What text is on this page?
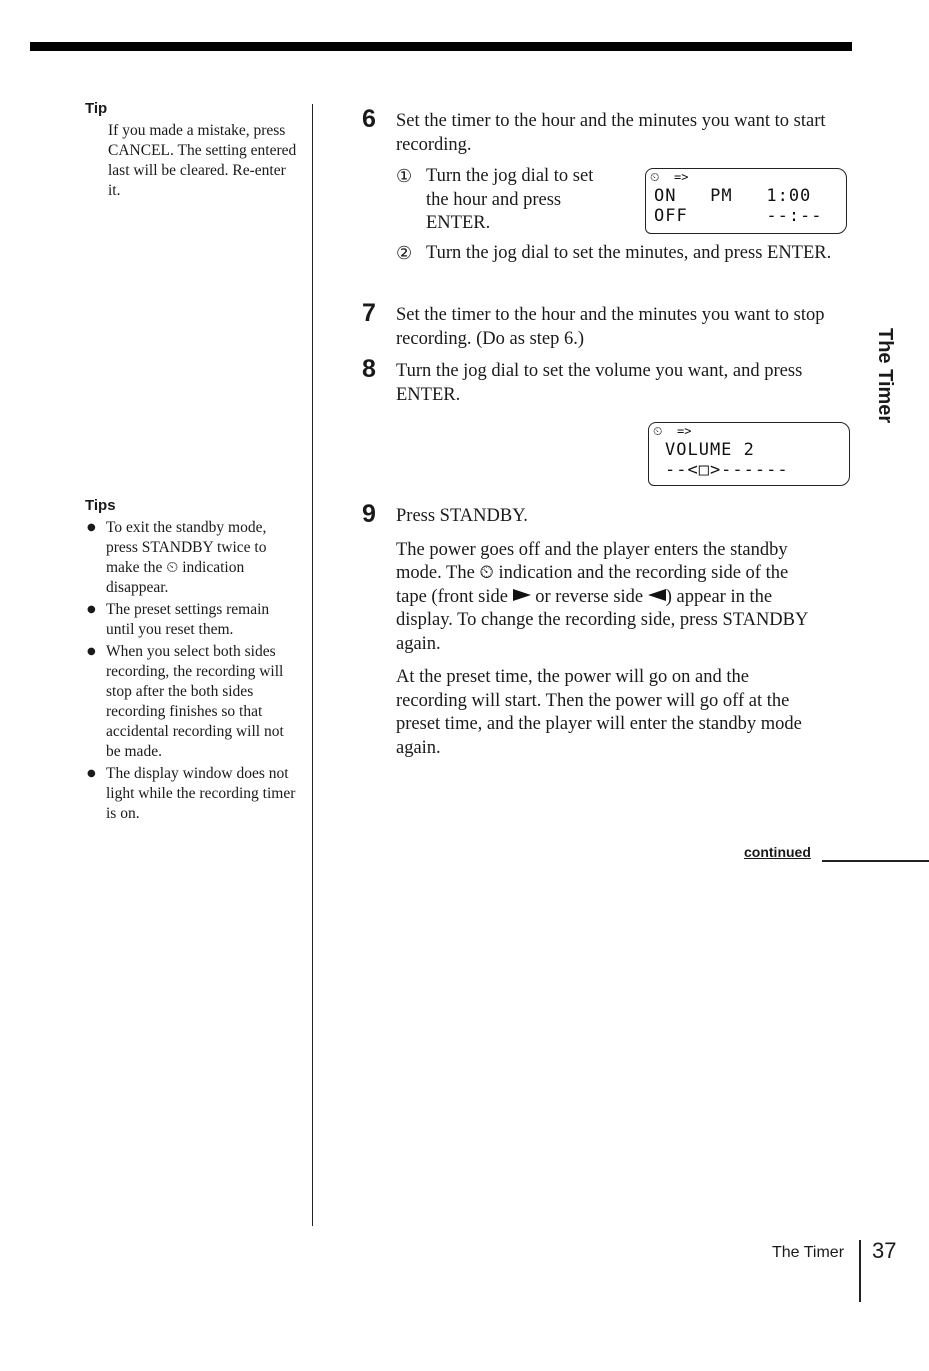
Tip

If you made a mistake, press CANCEL. The setting entered last will be cleared. Re-enter it.

Tips
● To exit the standby mode, press STANDBY twice to make the ⏲ indication disappear.
● The preset settings remain until you reset them.
● When you select both sides recording, the recording will stop after the both sides recording finishes so that accidental recording will not be made.
● The display window does not light while the recording timer is on.
6 Set the timer to the hour and the minutes you want to start recording.
① Turn the jog dial to set the hour and press ENTER.
② Turn the jog dial to set the minutes, and press ENTER.
⏲ =>
ON   PM   1:00
OFF       --:--
7 Set the timer to the hour and the minutes you want to stop recording. (Do as step 6.)
8 Turn the jog dial to set the volume you want, and press ENTER.
⏲ =>
VOLUME 2
--<□>------
9 Press STANDBY.
The power goes off and the player enters the standby mode. The ⏲ indication and the recording side of the tape (front side or reverse side ) appear in the display. To change the recording side, press STANDBY again.
At the preset time, the power will go on and the recording will start. Then the power will go off at the preset time, and the player will enter the standby mode again.
The Timer
continued
The Timer 37
